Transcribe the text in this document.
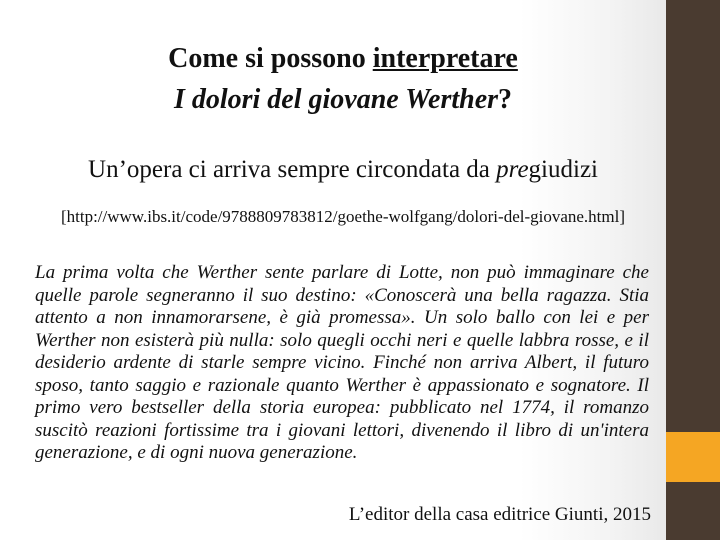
Come si possono interpretare
I dolori del giovane Werther?
Un’opera ci arriva sempre circondata da pregiudizi
[http://www.ibs.it/code/9788809783812/goethe-wolfgang/dolori-del-giovane.html]
La prima volta che Werther sente parlare di Lotte, non può immaginare che quelle parole segneranno il suo destino: «Conoscerà una bella ragazza. Stia attento a non innamorarsene, è già promessa». Un solo ballo con lei e per Werther non esisterà più nulla: solo quegli occhi neri e quelle labbra rosse, e il desiderio ardente di starle sempre vicino. Finché non arriva Albert, il futuro sposo, tanto saggio e razionale quanto Werther è appassionato e sognatore. Il primo vero bestseller della storia europea: pubblicato nel 1774, il romanzo suscitò reazioni fortissime tra i giovani lettori, divenendo il libro di un'intera generazione, e di ogni nuova generazione.
L’editor della casa editrice Giunti, 2015
